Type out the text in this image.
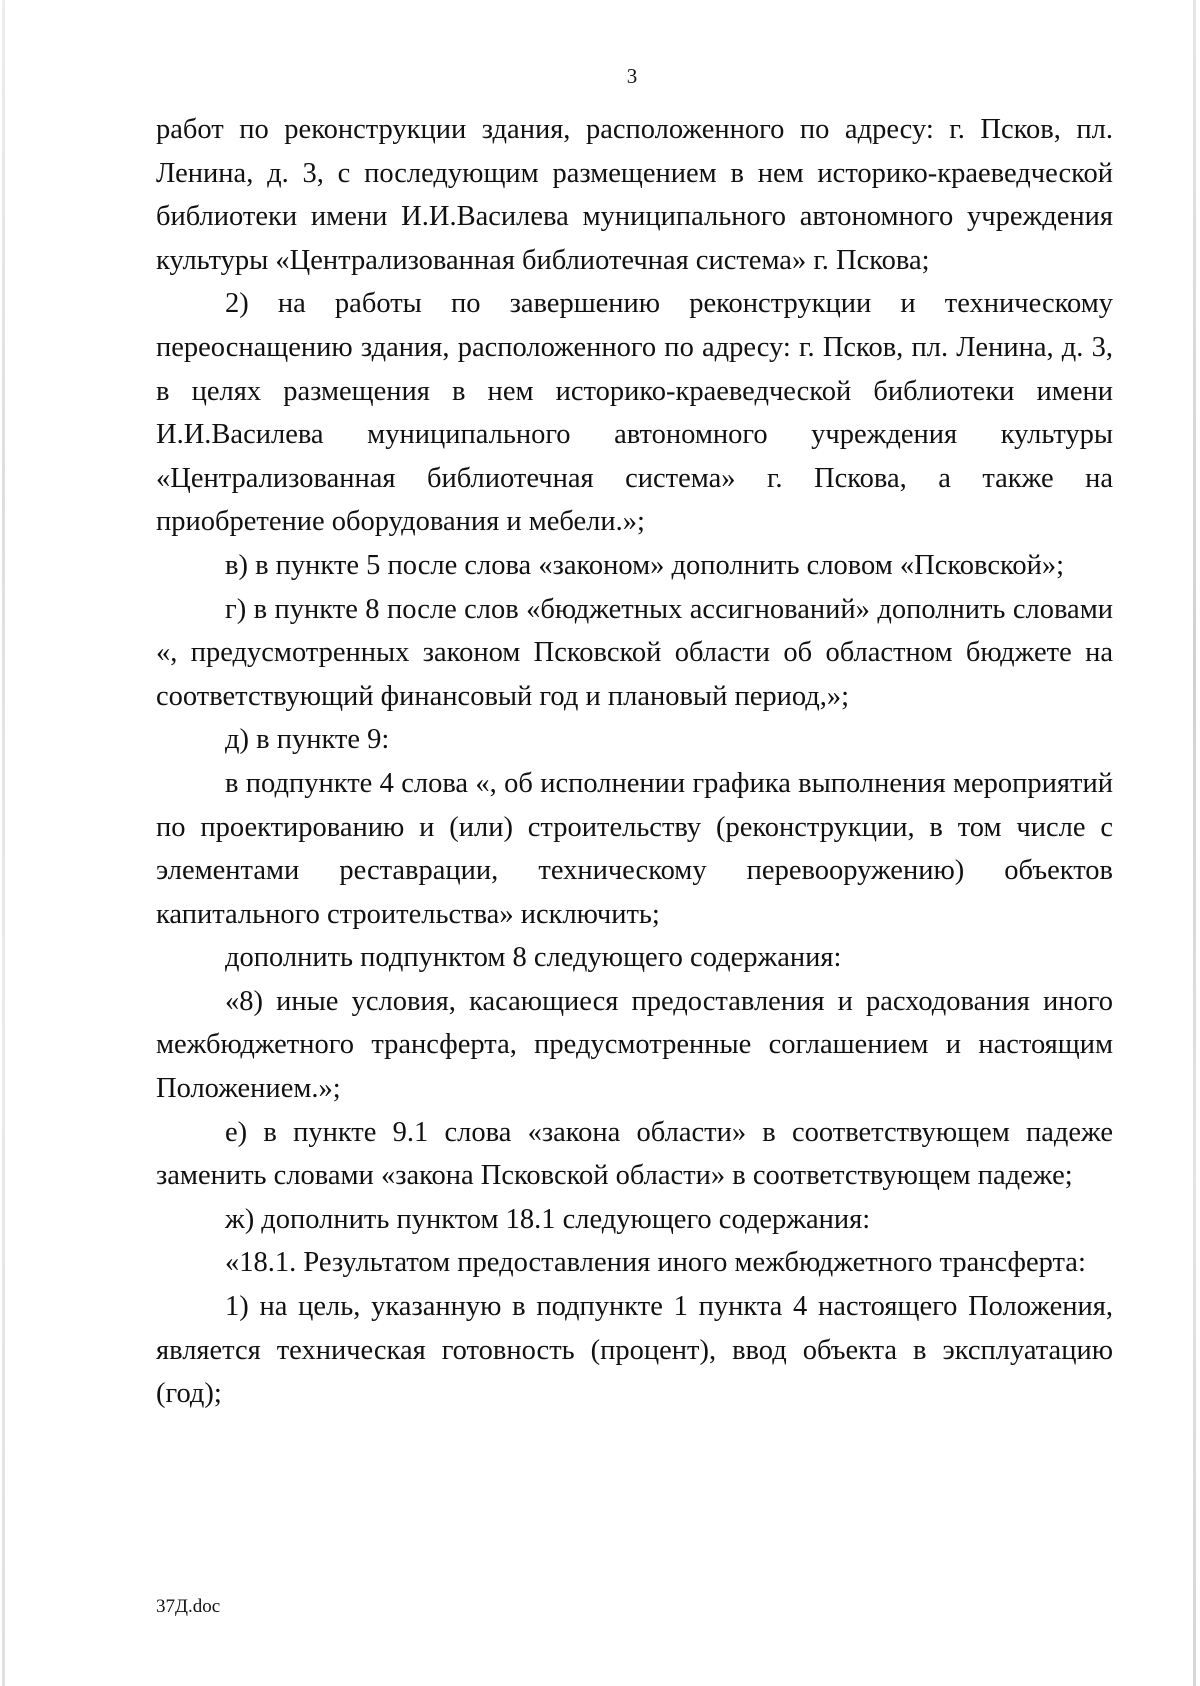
3

работ по реконструкции здания, расположенного по адресу: г. Псков, пл. Ленина, д. 3, с последующим размещением в нем историко-краеведческой библиотеки имени И.И.Василева муниципального автономного учреждения культуры «Централизованная библиотечная система» г. Пскова;

2) на работы по завершению реконструкции и техническому переоснащению здания, расположенного по адресу: г. Псков, пл. Ленина, д. 3, в целях размещения в нем историко-краеведческой библиотеки имени И.И.Василева муниципального автономного учреждения культуры «Централизованная библиотечная система» г. Пскова, а также на приобретение оборудования и мебели.»;

в) в пункте 5 после слова «законом» дополнить словом «Псковской»;

г) в пункте 8 после слов «бюджетных ассигнований» дополнить словами «, предусмотренных законом Псковской области об областном бюджете на соответствующий финансовый год и плановый период,»;

д) в пункте 9:

в подпункте 4 слова «, об исполнении графика выполнения мероприятий по проектированию и (или) строительству (реконструкции, в том числе с элементами реставрации, техническому перевооружению) объектов капитального строительства» исключить;

дополнить подпунктом 8 следующего содержания:

«8) иные условия, касающиеся предоставления и расходования иного межбюджетного трансферта, предусмотренные соглашением и настоящим Положением.»;

е) в пункте 9.1 слова «закона области» в соответствующем падеже заменить словами «закона Псковской области» в соответствующем падеже;

ж) дополнить пунктом 18.1 следующего содержания:

«18.1. Результатом предоставления иного межбюджетного трансферта:

1) на цель, указанную в подпункте 1 пункта 4 настоящего Положения, является техническая готовность (процент), ввод объекта в эксплуатацию (год);

37Д.doc
